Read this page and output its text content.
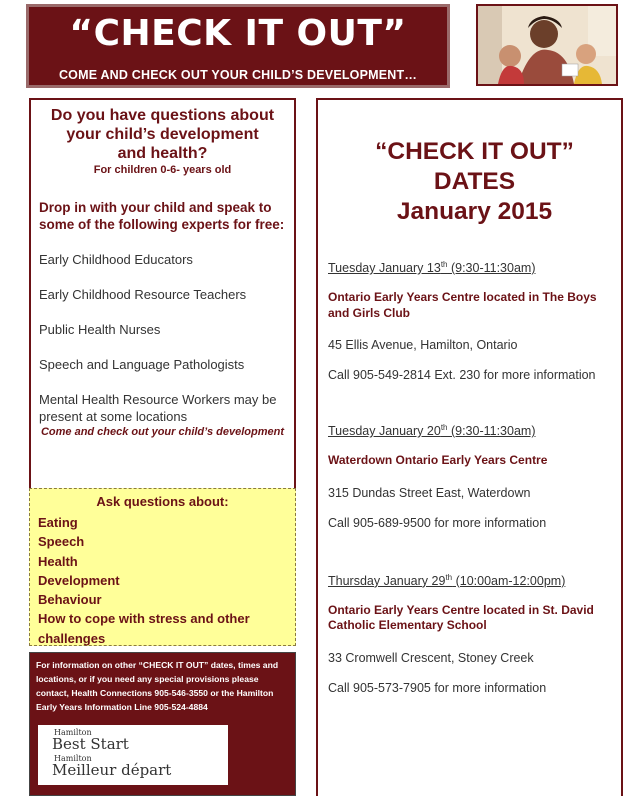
“CHECK IT OUT”
COME AND CHECK OUT YOUR CHILD’S DEVELOPMENT…
Do you have questions about
your child’s development
and health?
For children 0-6- years old
Drop in with your child and speak to some of the following experts for free:
Early Childhood Educators
Early Childhood Resource Teachers
Public Health Nurses
Speech and Language Pathologists
Mental Health Resource Workers may be present at some locations
Come and check out your child’s development
Ask questions about:
Eating
Speech
Health
Development
Behaviour
How to cope with stress and other challenges
For information on other “CHECK IT OUT” dates, times and locations, or if you need any special provisions please contact, Health Connections 905-546-3550 or the Hamilton Early Years Information Line 905-524-4884
Hamilton
Best Start
Hamilton
Meilleur départ
“CHECK IT OUT”
DATES
January 2015
Tuesday January 13th (9:30-11:30am)
Ontario Early Years Centre located in The Boys and Girls Club
45 Ellis Avenue, Hamilton, Ontario
Call 905-549-2814 Ext. 230 for more information
Tuesday January 20th (9:30-11:30am)
Waterdown Ontario Early Years Centre
315 Dundas Street East, Waterdown
Call 905-689-9500 for more information
Thursday January 29th (10:00am-12:00pm)
Ontario Early Years Centre located in St. David Catholic Elementary School
33 Cromwell Crescent, Stoney Creek
Call 905-573-7905 for more information
